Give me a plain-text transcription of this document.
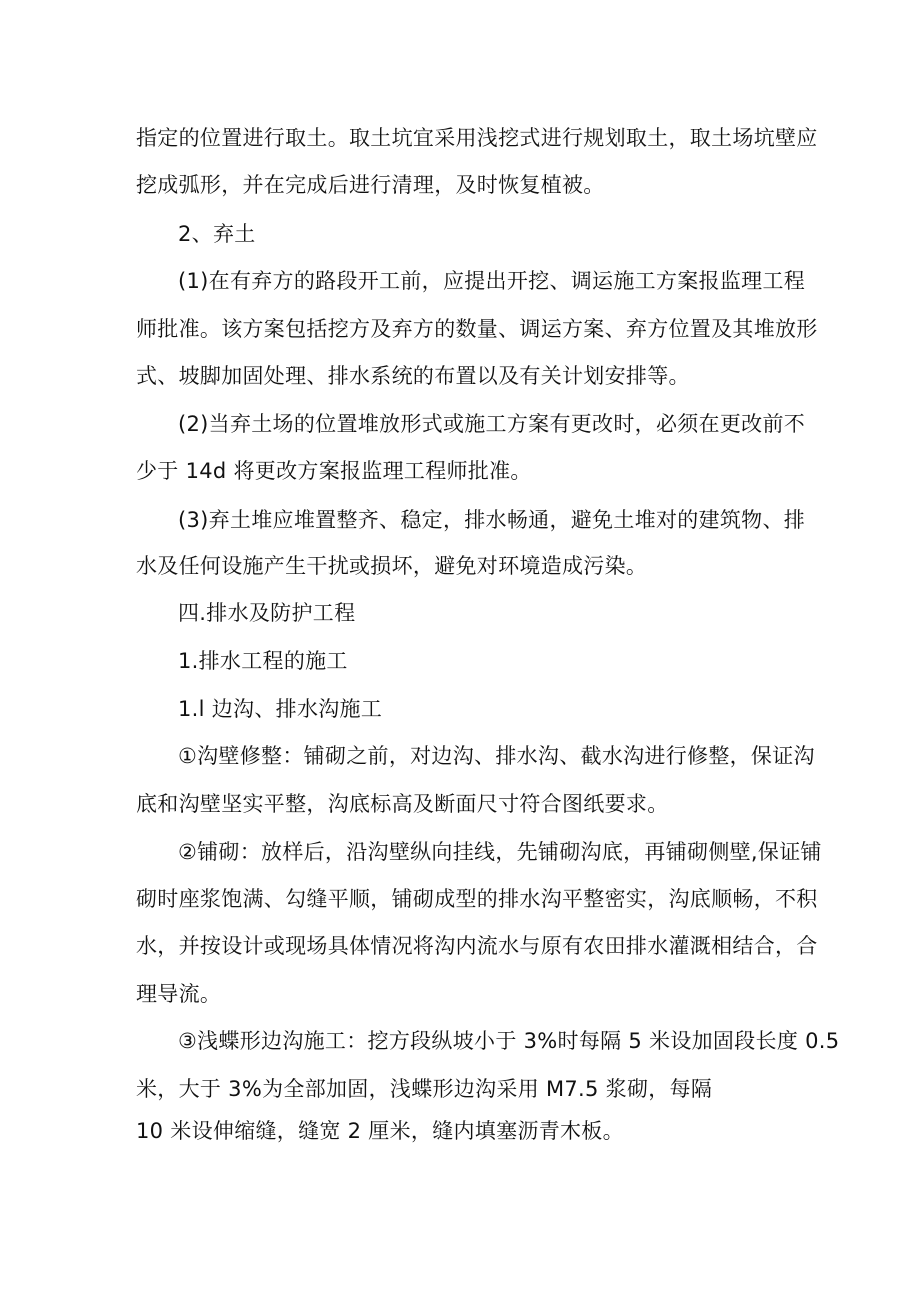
指定的位置进行取土。取土坑宜采用浅挖式进行规划取土，取土场坑壁应
挖成弧形，并在完成后进行清理，及时恢复植被。
2、弃土
(1)在有弃方的路段开工前，应提出开挖、调运施工方案报监理工程
师批准。该方案包括挖方及弃方的数量、调运方案、弃方位置及其堆放形
式、坡脚加固处理、排水系统的布置以及有关计划安排等。
(2)当弃土场的位置堆放形式或施工方案有更改时，必须在更改前不
少于 14d 将更改方案报监理工程师批准。
(3)弃土堆应堆置整齐、稳定，排水畅通，避免土堆对的建筑物、排
水及任何设施产生干扰或损坏，避免对环境造成污染。
四.排水及防护工程
1.排水工程的施工
1.l 边沟、排水沟施工
①沟壁修整：铺砌之前，对边沟、排水沟、截水沟进行修整，保证沟
底和沟壁坚实平整，沟底标高及断面尺寸符合图纸要求。
②铺砌：放样后，沿沟壁纵向挂线，先铺砌沟底，再铺砌侧壁,保证铺
砌时座浆饱满、勾缝平顺，铺砌成型的排水沟平整密实，沟底顺畅，不积
水，并按设计或现场具体情况将沟内流水与原有农田排水灌溉相结合，合
理导流。
③浅蝶形边沟施工：挖方段纵坡小于 3%时每隔 5 米设加固段长度 0.5
米，大于 3%为全部加固，浅蝶形边沟采用 M7.5 浆砌，每隔
10 米设伸缩缝，缝宽 2 厘米，缝内填塞沥青木板。
